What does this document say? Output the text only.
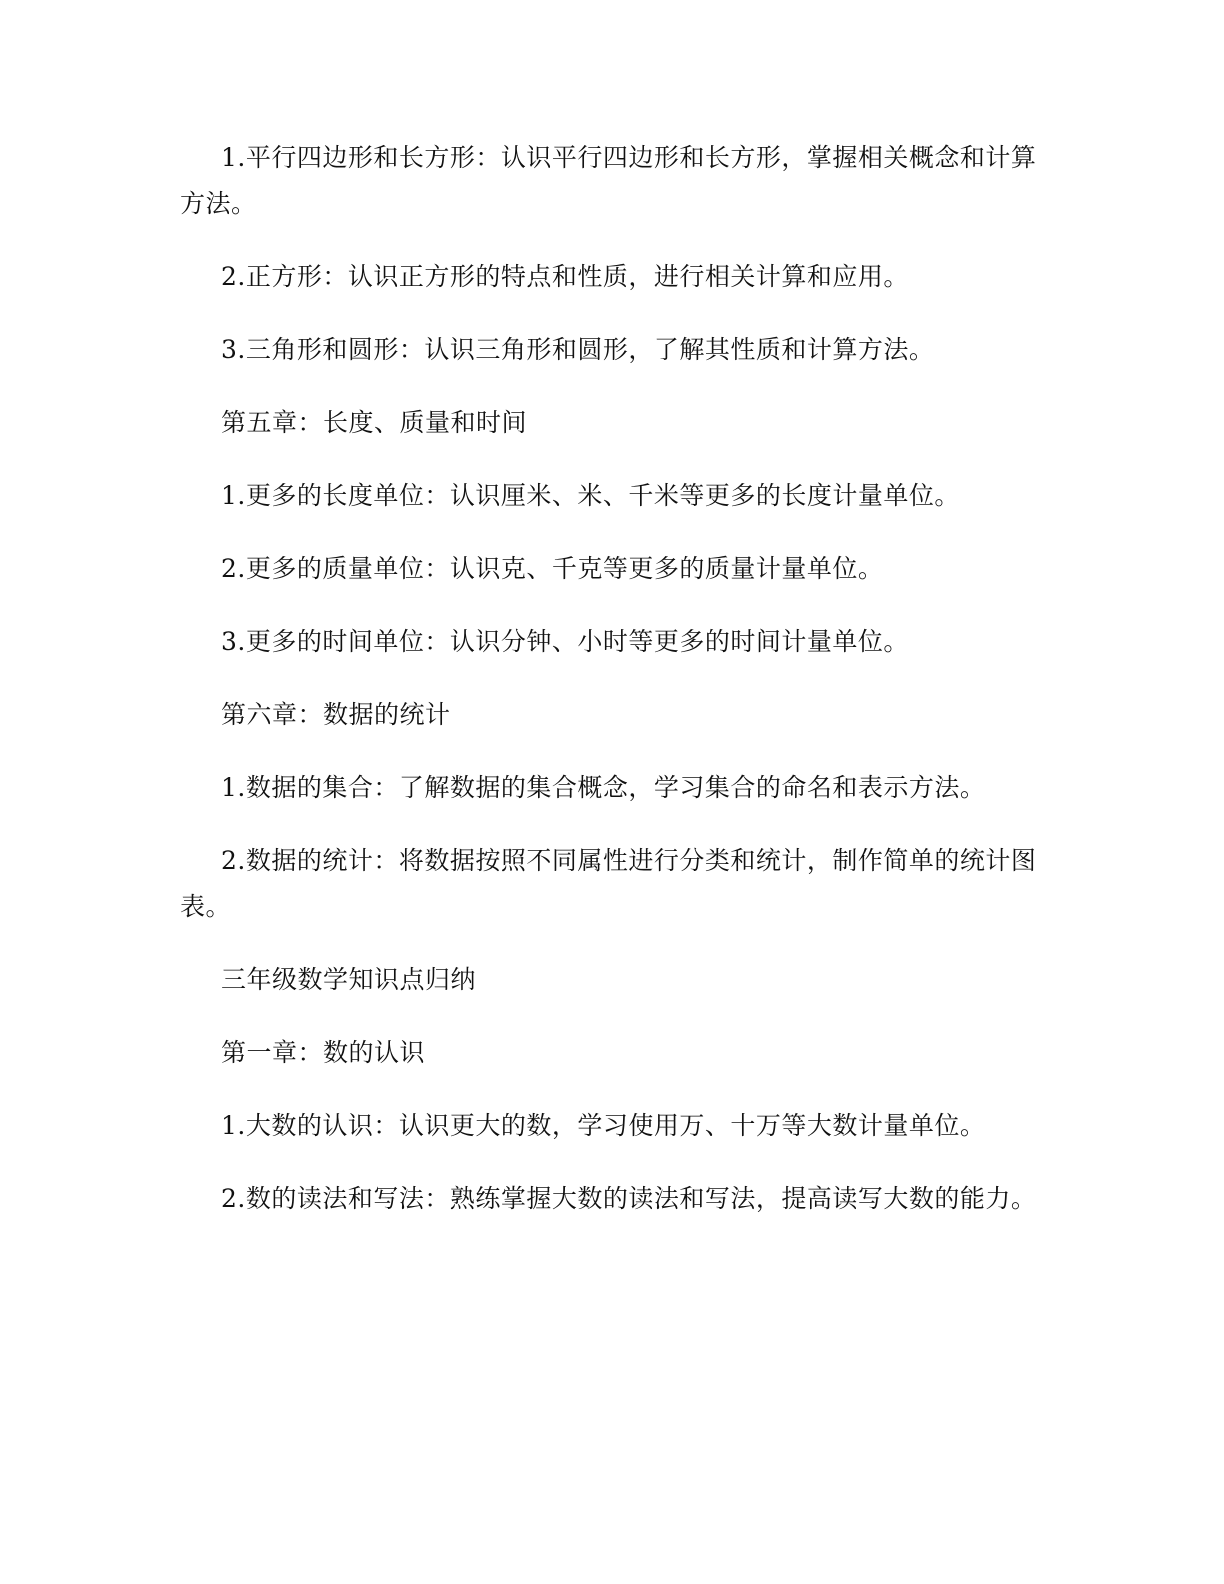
1.平行四边形和长方形：认识平行四边形和长方形，掌握相关概念和计算方法。

2.正方形：认识正方形的特点和性质，进行相关计算和应用。

3.三角形和圆形：认识三角形和圆形，了解其性质和计算方法。

第五章：长度、质量和时间

1.更多的长度单位：认识厘米、米、千米等更多的长度计量单位。

2.更多的质量单位：认识克、千克等更多的质量计量单位。

3.更多的时间单位：认识分钟、小时等更多的时间计量单位。

第六章：数据的统计

1.数据的集合：了解数据的集合概念，学习集合的命名和表示方法。

2.数据的统计：将数据按照不同属性进行分类和统计，制作简单的统计图表。

三年级数学知识点归纳

第一章：数的认识

1.大数的认识：认识更大的数，学习使用万、十万等大数计量单位。

2.数的读法和写法：熟练掌握大数的读法和写法，提高读写大数的能力。
